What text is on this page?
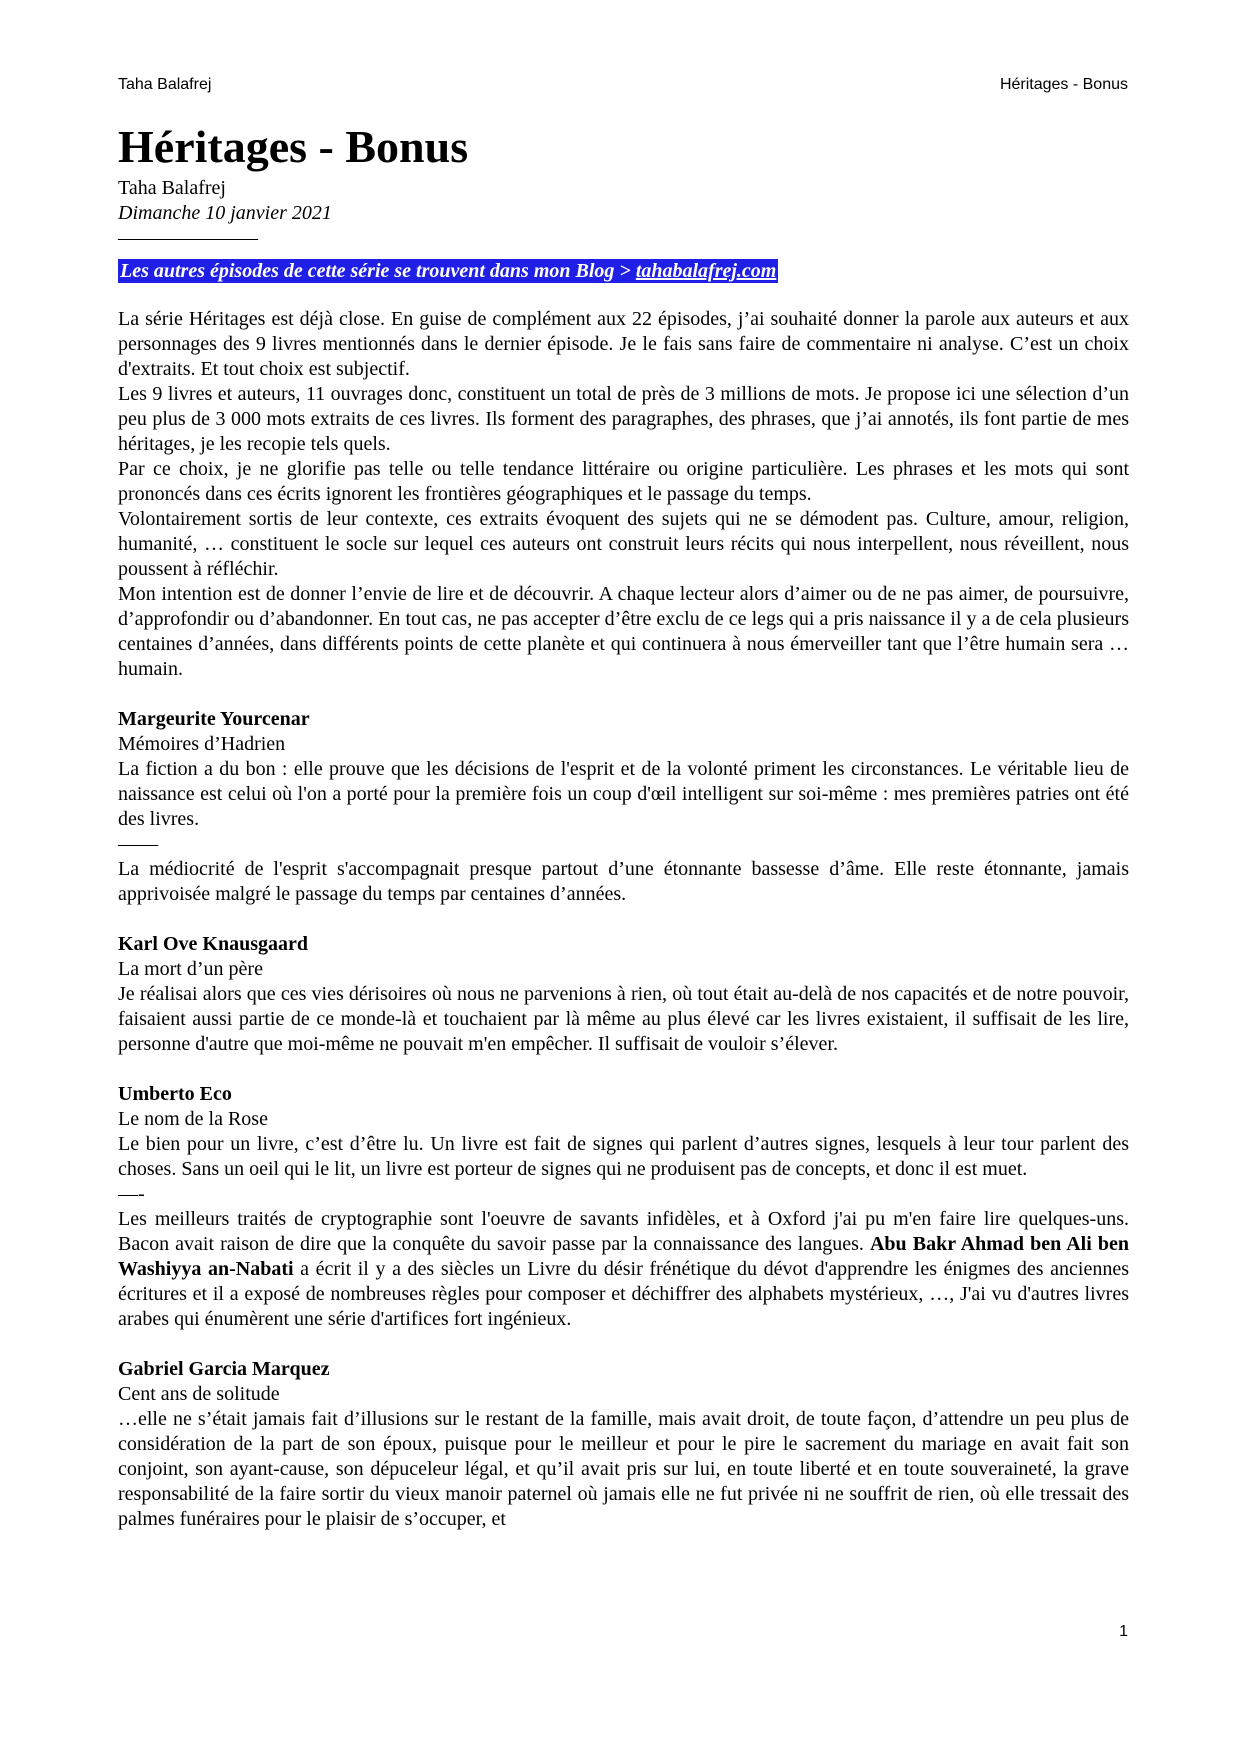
Taha Balafrej	Héritages - Bonus
Héritages - Bonus

Taha Balafrej

Dimanche 10 janvier 2021

———————

Les autres épisodes de cette série se trouvent dans mon Blog > tahabalafrej.com

La série Héritages est déjà close. En guise de complément aux 22 épisodes, j’ai souhaité donner la parole aux auteurs et aux personnages des 9 livres mentionnés dans le dernier épisode. Je le fais sans faire de commentaire ni analyse. C’est un choix d'extraits. Et tout choix est subjectif.

Les 9 livres et auteurs, 11 ouvrages donc, constituent un total de près de 3 millions de mots. Je propose ici une sélection d’un peu plus de 3 000 mots extraits de ces livres. Ils forment des paragraphes, des phrases, que j’ai annotés, ils font partie de mes héritages, je les recopie tels quels.

Par ce choix, je ne glorifie pas telle ou telle tendance littéraire ou origine particulière. Les phrases et les mots qui sont prononcés dans ces écrits ignorent les frontières géographiques et le passage du temps.

Volontairement sortis de leur contexte, ces extraits évoquent des sujets qui ne se démodent pas. Culture, amour, religion, humanité, … constituent le socle sur lequel ces auteurs ont construit leurs récits qui nous interpellent, nous réveillent, nous poussent à réfléchir.

Mon intention est de donner l’envie de lire et de découvrir. A chaque lecteur alors d’aimer ou de ne pas aimer, de poursuivre, d’approfondir ou d’abandonner. En tout cas, ne pas accepter d’être exclu de ce legs qui a pris naissance il y a de cela plusieurs centaines d’années, dans différents points de cette planète et qui continuera à nous émerveiller tant que l’être humain sera … humain.

Margeurite Yourcenar

Mémoires d’Hadrien

La fiction a du bon : elle prouve que les décisions de l'esprit et de la volonté priment les circonstances. Le véritable lieu de naissance est celui où l'on a porté pour la première fois un coup d'œil intelligent sur soi-même : mes premières patries ont été des livres.

——

La médiocrité de l'esprit s'accompagnait presque partout d’une étonnante bassesse d’âme. Elle reste étonnante, jamais apprivoisée malgré le passage du temps par centaines d’années.

Karl Ove Knausgaard

La mort d’un père

Je réalisai alors que ces vies dérisoires où nous ne parvenions à rien, où tout était au-delà de nos capacités et de notre pouvoir, faisaient aussi partie de ce monde-là et touchaient par là même au plus élevé car les livres existaient, il suffisait de les lire, personne d'autre que moi-même ne pouvait m'en empêcher. Il suffisait de vouloir s’élever.

Umberto Eco

Le nom de la Rose

Le bien pour un livre, c’est d’être lu. Un livre est fait de signes qui parlent d’autres signes, lesquels à leur tour parlent des choses. Sans un oeil qui le lit, un livre est porteur de signes qui ne produisent pas de concepts, et donc il est muet.

—-

Les meilleurs traités de cryptographie sont l'oeuvre de savants infidèles, et à Oxford j'ai pu m'en faire lire quelques-uns. Bacon avait raison de dire que la conquête du savoir passe par la connaissance des langues. Abu Bakr Ahmad ben Ali ben Washiyya an-Nabati a écrit il y a des siècles un Livre du désir frénétique du dévot d'apprendre les énigmes des anciennes écritures et il a exposé de nombreuses règles pour composer et déchiffrer des alphabets mystérieux, …, J'ai vu d'autres livres arabes qui énumèrent une série d'artifices fort ingénieux.

Gabriel Garcia Marquez

Cent ans de solitude

…elle ne s’était jamais fait d’illusions sur le restant de la famille, mais avait droit, de toute façon, d’attendre un peu plus de considération de la part de son époux, puisque pour le meilleur et pour le pire le sacrement du mariage en avait fait son conjoint, son ayant-cause, son dépuceleur légal, et qu’il avait pris sur lui, en toute liberté et en toute souveraineté, la grave responsabilité de la faire sortir du vieux manoir paternel où jamais elle ne fut privée ni ne souffrit de rien, où elle tressait des palmes funéraires pour le plaisir de s’occuper, et

1
